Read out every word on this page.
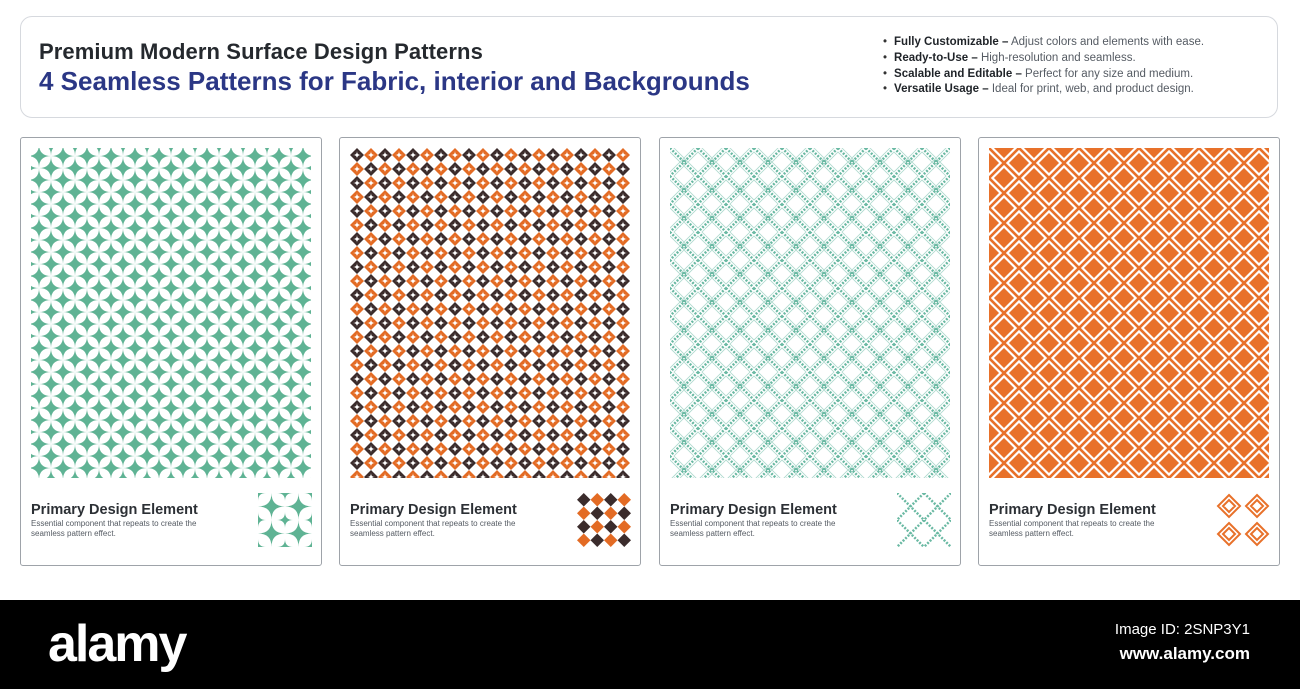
Premium Modern Surface Design Patterns
4 Seamless Patterns for Fabric, interior and Backgrounds
• Fully Customizable – Adjust colors and elements with ease.
• Ready-to-Use – High-resolution and seamless.
• Scalable and Editable – Perfect for any size and medium.
• Versatile Usage – Ideal for print, web, and product design.

Primary Design Element

Essential component that repeats to create the seamless pattern effect.

Primary Design Element

Essential component that repeats to create the seamless pattern effect.

Primary Design Element

Essential component that repeats to create the seamless pattern effect.

Primary Design Element

Essential component that repeats to create the seamless pattern effect.

alamy	Image ID: 2SNP3Y1

www.alamy.com
